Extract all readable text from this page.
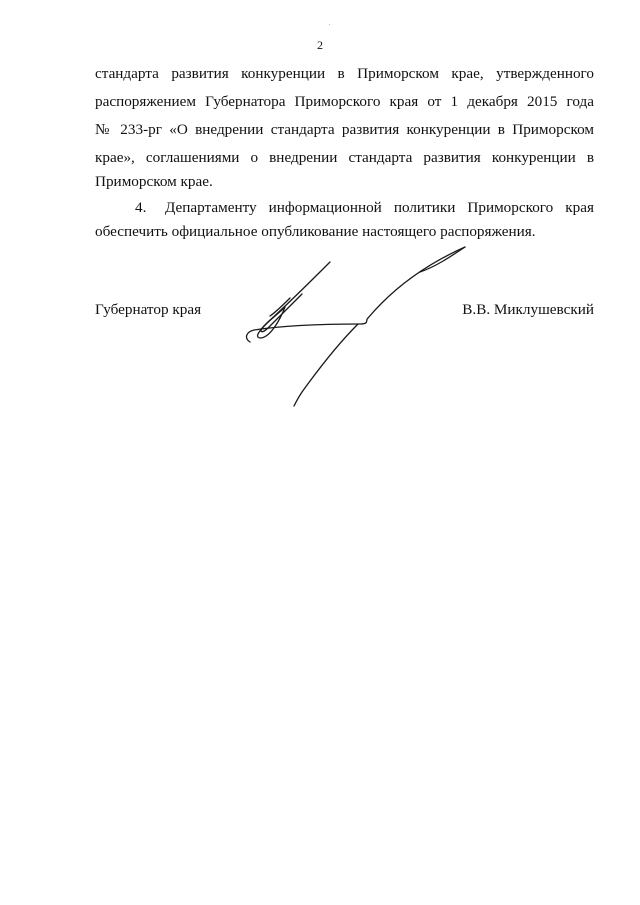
2
стандарта развития конкуренции в Приморском крае, утвержденного
распоряжением Губернатора Приморского края от 1 декабря 2015 года
№ 233-рг «О внедрении стандарта развития конкуренции в Приморском
крае», соглашениями о внедрении стандарта развития конкуренции в
Приморском крае.
4. Департаменту информационной политики Приморского края
обеспечить официальное опубликование настоящего распоряжения.
Губернатор края	В.В. Миклушевский
